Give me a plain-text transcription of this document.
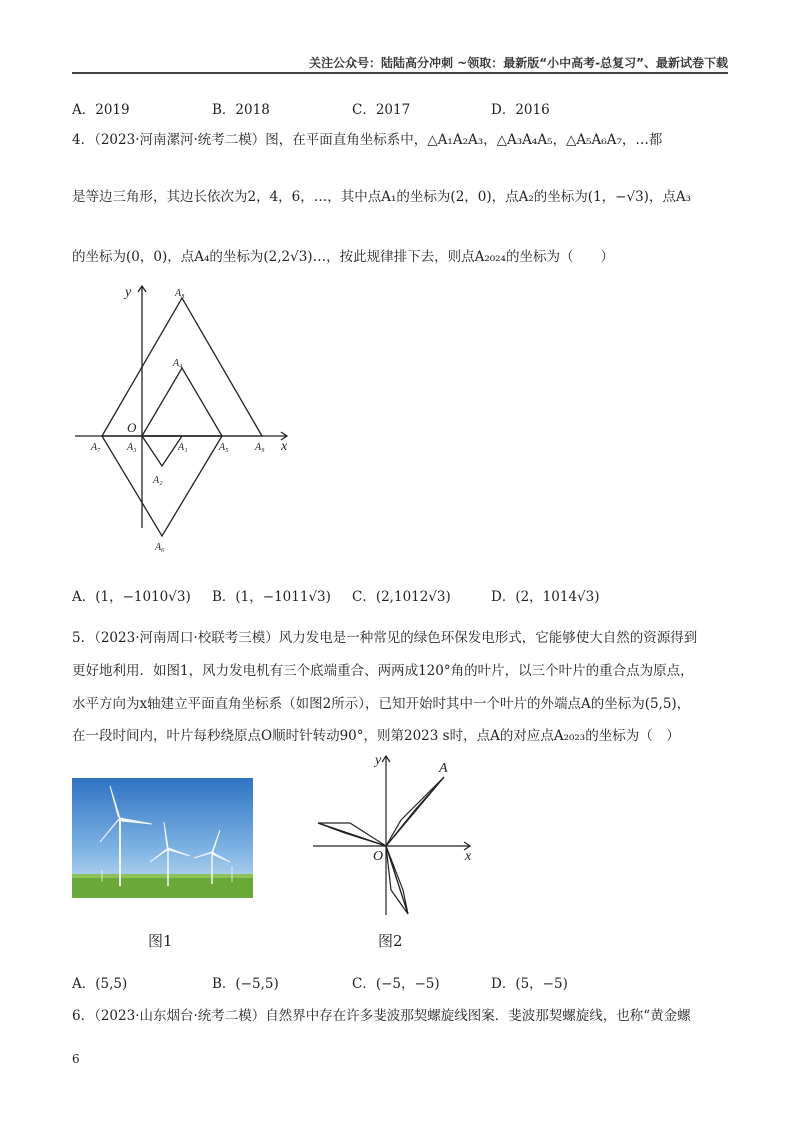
关注公众号：陆陆高分冲刺 ~领取：最新版“小中高考-总复习”、最新试卷下载
A．2019	B．2018	C．2017	D．2016
4．（2023·河南漯河·统考二模）图，在平面直角坐标系中，△A₁A₂A₃，△A₃A₄A₅，△A₅A₆A₇，…都
是等边三角形，其边长依次为2，4，6，…，其中点A₁的坐标为(2，0)，点A₂的坐标为(1，−√3)，点A₃
的坐标为(0，0)，点A₄的坐标为(2,2√3)…，按此规律排下去，则点A₂₀₂₄的坐标为（　　）
y
x
O
A₁
A₂
A₃
A₄
A₅
A₆
A₇
A₈
A₉
A．(1，−1010√3) B．(1，−1011√3) C．(2,1012√3)	D．(2，1014√3)
5．（2023·河南周口·校联考三模）风力发电是一种常见的绿色环保发电形式，它能够使大自然的资源得到
更好地利用．如图1，风力发电机有三个底端重合、两两成120°角的叶片，以三个叶片的重合点为原点，
水平方向为x轴建立平面直角坐标系（如图2所示），已知开始时其中一个叶片的外端点A的坐标为(5,5)，
在一段时间内，叶片每秒绕原点O顺时针转动90°，则第2023 s时，点A的对应点A₂₀₂₃的坐标为（　）
图1
y
x
O
A
图2
A．(5,5)	B．(−5,5)	C．(−5，−5)	D．(5，−5)
6．（2023·山东烟台·统考二模）自然界中存在许多斐波那契螺旋线图案．斐波那契螺旋线，也称“黄金螺
6
